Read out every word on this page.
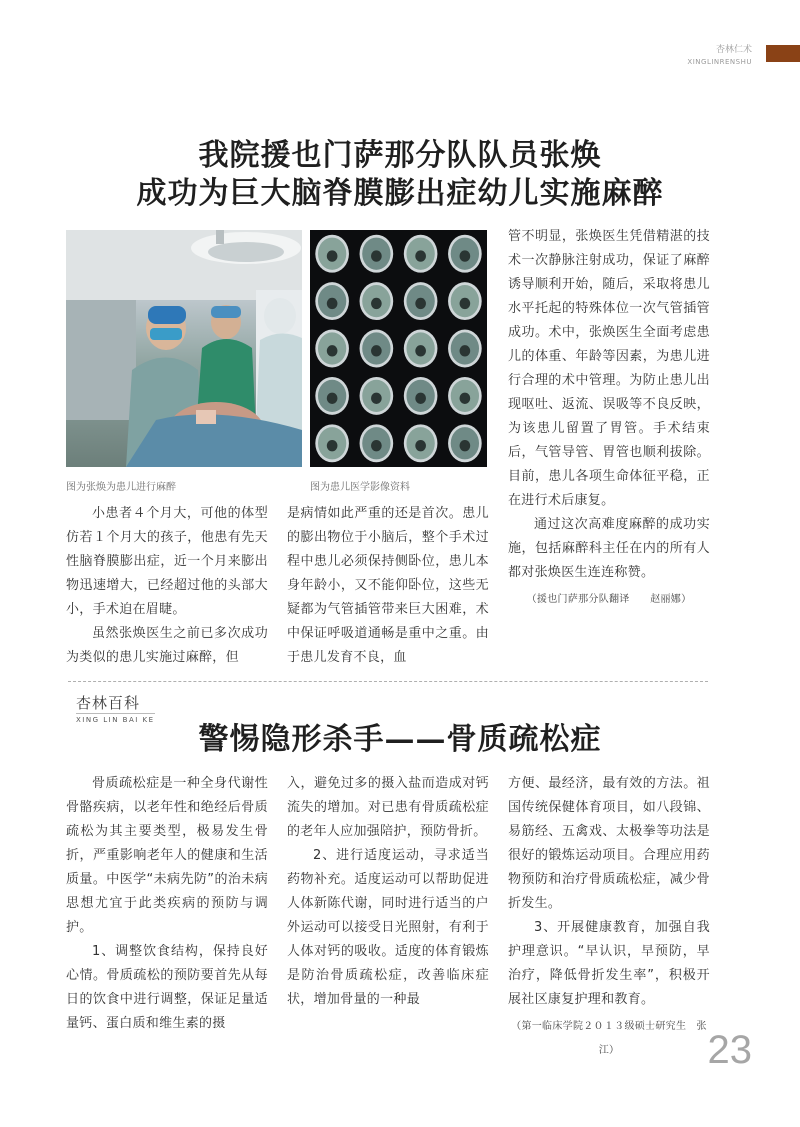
杏林仁术
XINGLINRENSHU
我院援也门萨那分队队员张焕
成功为巨大脑脊膜膨出症幼儿实施麻醉
图为张焕为患儿进行麻醉	图为患儿医学影像资料

小患者４个月大，可他的体型仿若１个月大的孩子，他患有先天性脑脊膜膨出症，近一个月来膨出物迅速增大，已经超过他的头部大小，手术迫在眉睫。

虽然张焕医生之前已多次成功为类似的患儿实施过麻醉，但

是病情如此严重的还是首次。患儿的膨出物位于小脑后，整个手术过程中患儿必须保持侧卧位，患儿本身年龄小，又不能仰卧位，这些无疑都为气管插管带来巨大困难，术中保证呼吸道通畅是重中之重。由于患儿发育不良，血

管不明显，张焕医生凭借精湛的技术一次静脉注射成功，保证了麻醉诱导顺利开始，随后，采取将患儿水平托起的特殊体位一次气管插管成功。术中，张焕医生全面考虑患儿的体重、年龄等因素，为患儿进行合理的术中管理。为防止患儿出现呕吐、返流、误吸等不良反映，为该患儿留置了胃管。手术结束后，气管导管、胃管也顺利拔除。目前，患儿各项生命体征平稳，正在进行术后康复。

通过这次高难度麻醉的成功实施，包括麻醉科主任在内的所有人都对张焕医生连连称赞。

（援也门萨那分队翻译　　赵丽娜）
杏林百科
XING LIN BAI KE
警惕隐形杀手——骨质疏松症

骨质疏松症是一种全身代谢性骨骼疾病，以老年性和绝经后骨质疏松为其主要类型，极易发生骨折，严重影响老年人的健康和生活质量。中医学“未病先防”的治未病思想尤宜于此类疾病的预防与调护。

1、调整饮食结构，保持良好心情。骨质疏松的预防要首先从每日的饮食中进行调整，保证足量适量钙、蛋白质和维生素的摄

入，避免过多的摄入盐而造成对钙流失的增加。对已患有骨质疏松症的老年人应加强陪护，预防骨折。

2、进行适度运动，寻求适当药物补充。适度运动可以帮助促进人体新陈代谢，同时进行适当的户外运动可以接受日光照射，有利于人体对钙的吸收。适度的体育锻炼是防治骨质疏松症，改善临床症状，增加骨量的一种最

方便、最经济，最有效的方法。祖国传统保健体育项目，如八段锦、易筋经、五禽戏、太极拳等功法是很好的锻炼运动项目。合理应用药物预防和治疗骨质疏松症，减少骨折发生。

3、开展健康教育，加强自我护理意识。“早认识，早预防，早治疗，降低骨折发生率”，积极开展社区康复护理和教育。

（第一临床学院２０１３级硕士研究生　张江）	23
